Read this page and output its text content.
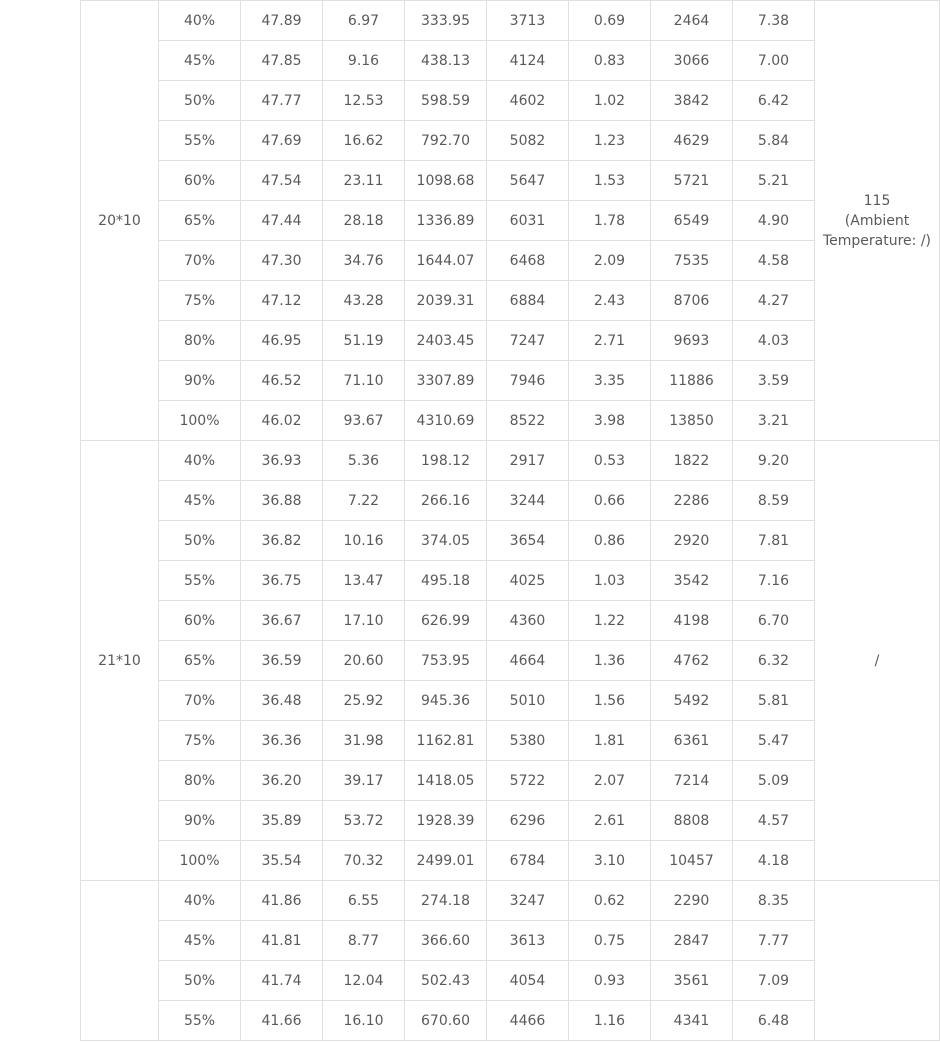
20*10	40%	47.89	6.97	333.95	3713	0.69	2464	7.38	115
(Ambient
Temperature: /)

	45%	47.85	9.16	438.13	4124	0.83	3066	7.00	
	50%	47.77	12.53	598.59	4602	1.02	3842	6.42	
	55%	47.69	16.62	792.70	5082	1.23	4629	5.84	
	60%	47.54	23.11	1098.68	5647	1.53	5721	5.21	
	65%	47.44	28.18	1336.89	6031	1.78	6549	4.90	
	70%	47.30	34.76	1644.07	6468	2.09	7535	4.58	
	75%	47.12	43.28	2039.31	6884	2.43	8706	4.27	
	80%	46.95	51.19	2403.45	7247	2.71	9693	4.03	
	90%	46.52	71.10	3307.89	7946	3.35	11886	3.59	
	100%	46.02	93.67	4310.69	8522	3.98	13850	3.21	
21*10	40%	36.93	5.36	198.12	2917	0.53	1822	9.20	/

	45%	36.88	7.22	266.16	3244	0.66	2286	8.59	
	50%	36.82	10.16	374.05	3654	0.86	2920	7.81	
	55%	36.75	13.47	495.18	4025	1.03	3542	7.16	
	60%	36.67	17.10	626.99	4360	1.22	4198	6.70	
	65%	36.59	20.60	753.95	4664	1.36	4762	6.32	
	70%	36.48	25.92	945.36	5010	1.56	5492	5.81	
	75%	36.36	31.98	1162.81	5380	1.81	6361	5.47	
	80%	36.20	39.17	1418.05	5722	2.07	7214	5.09	
	90%	35.89	53.72	1928.39	6296	2.61	8808	4.57	
	100%	35.54	70.32	2499.01	6784	3.10	10457	4.18	
	40%	41.86	6.55	274.18	3247	0.62	2290	8.35	

	45%	41.81	8.77	366.60	3613	0.75	2847	7.77	
	50%	41.74	12.04	502.43	4054	0.93	3561	7.09	
	55%	41.66	16.10	670.60	4466	1.16	4341	6.48	
